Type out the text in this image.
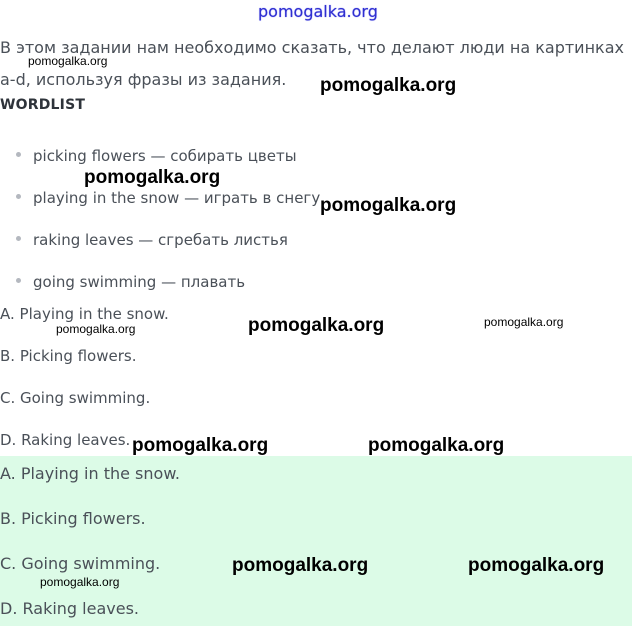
pomogalka.org
В этом задании нам необходимо сказать, что делают люди на картинках a-d, используя фразы из задания.
WORDLIST
picking flowers — собирать цветы
playing in the snow — играть в снегу
raking leaves — сгребать листья
going swimming — плавать
A. Playing in the snow.
B. Picking flowers.
C. Going swimming.
D. Raking leaves.
A. Playing in the snow.
B. Picking flowers.
C. Going swimming.
D. Raking leaves.
pomogalka.org
pomogalka.org
pomogalka.org
pomogalka.org
pomogalka.org
pomogalka.org	pomogalka.org
pomogalka.org	pomogalka.org
pomogalka.org	pomogalka.org
pomogalka.org
